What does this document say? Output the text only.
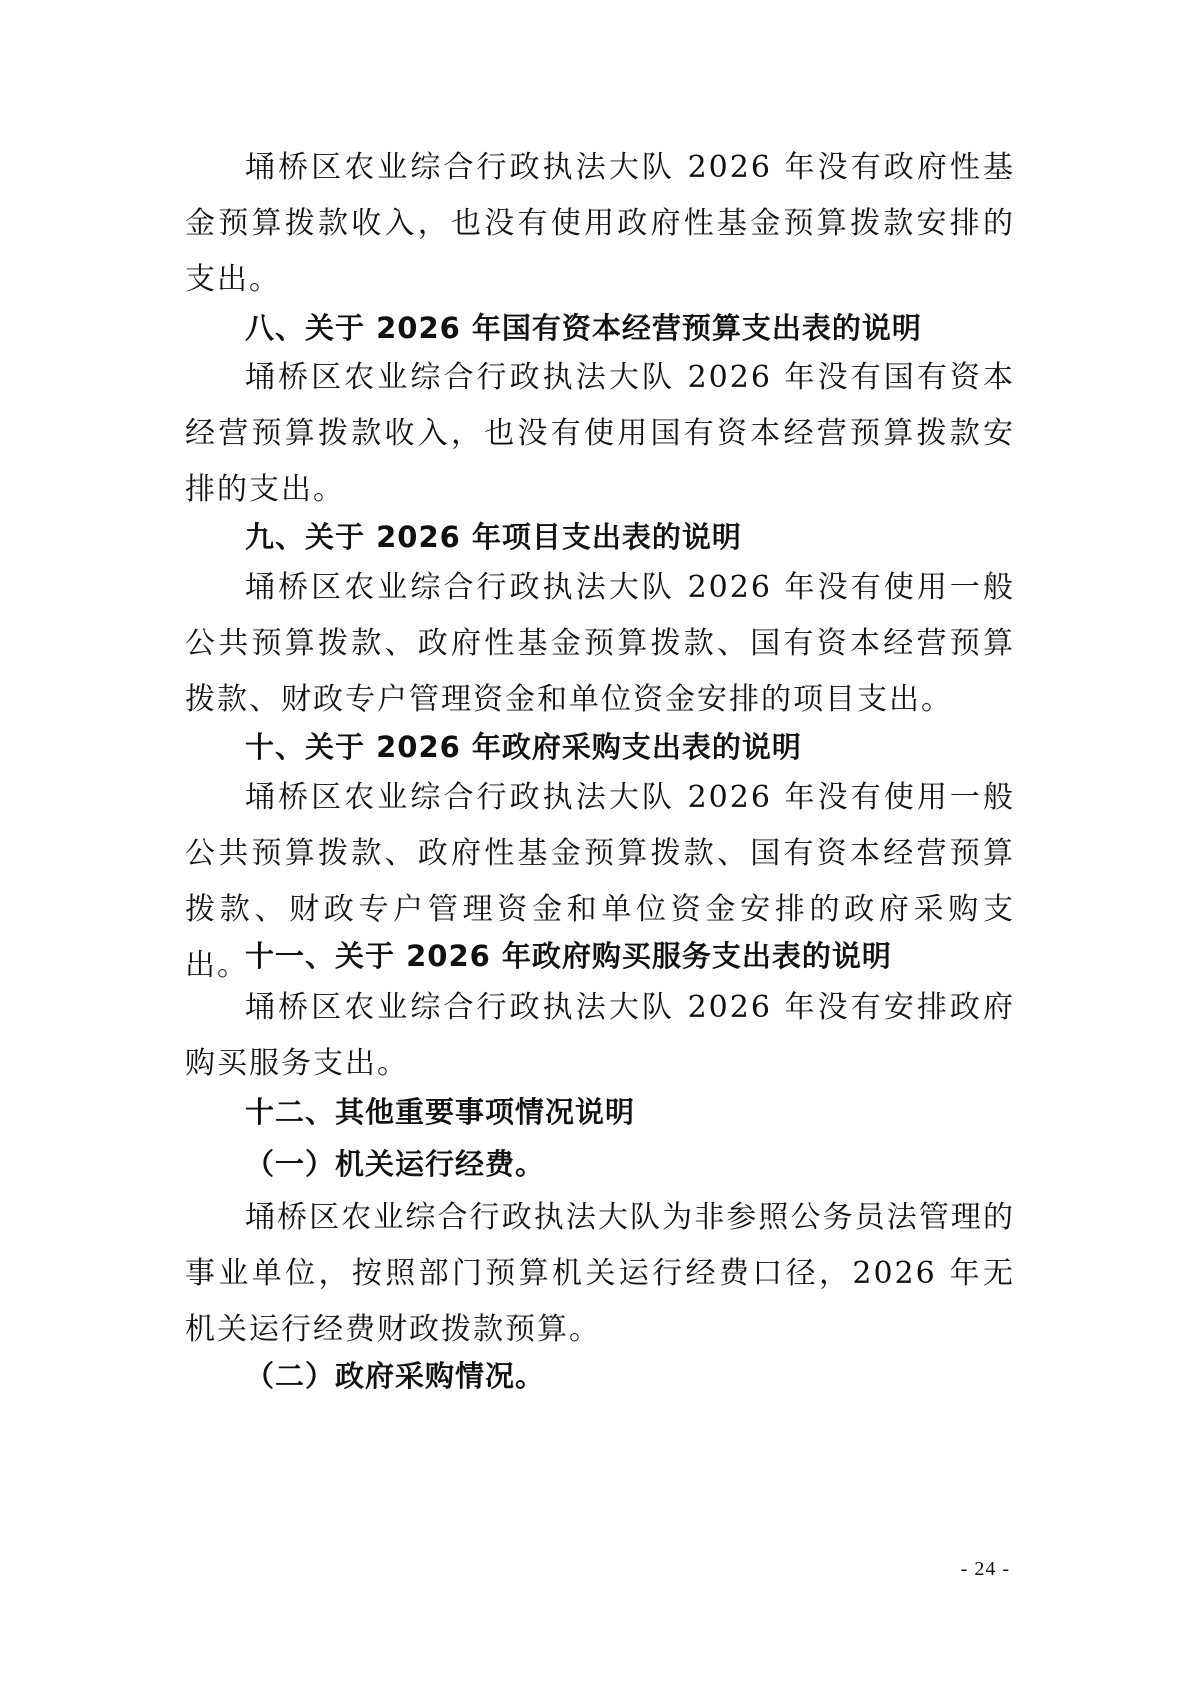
埇桥区农业综合行政执法大队 2026 年没有政府性基金预算拨款收入，也没有使用政府性基金预算拨款安排的支出。

八、关于 2026 年国有资本经营预算支出表的说明

埇桥区农业综合行政执法大队 2026 年没有国有资本经营预算拨款收入，也没有使用国有资本经营预算拨款安排的支出。

九、关于 2026 年项目支出表的说明

埇桥区农业综合行政执法大队 2026 年没有使用一般公共预算拨款、政府性基金预算拨款、国有资本经营预算拨款、财政专户管理资金和单位资金安排的项目支出。

十、关于 2026 年政府采购支出表的说明

埇桥区农业综合行政执法大队 2026 年没有使用一般公共预算拨款、政府性基金预算拨款、国有资本经营预算拨款、财政专户管理资金和单位资金安排的政府采购支出。

十一、关于 2026 年政府购买服务支出表的说明

埇桥区农业综合行政执法大队 2026 年没有安排政府购买服务支出。

十二、其他重要事项情况说明

（一）机关运行经费。

埇桥区农业综合行政执法大队为非参照公务员法管理的事业单位，按照部门预算机关运行经费口径，2026 年无机关运行经费财政拨款预算。

（二）政府采购情况。

- 24 -
